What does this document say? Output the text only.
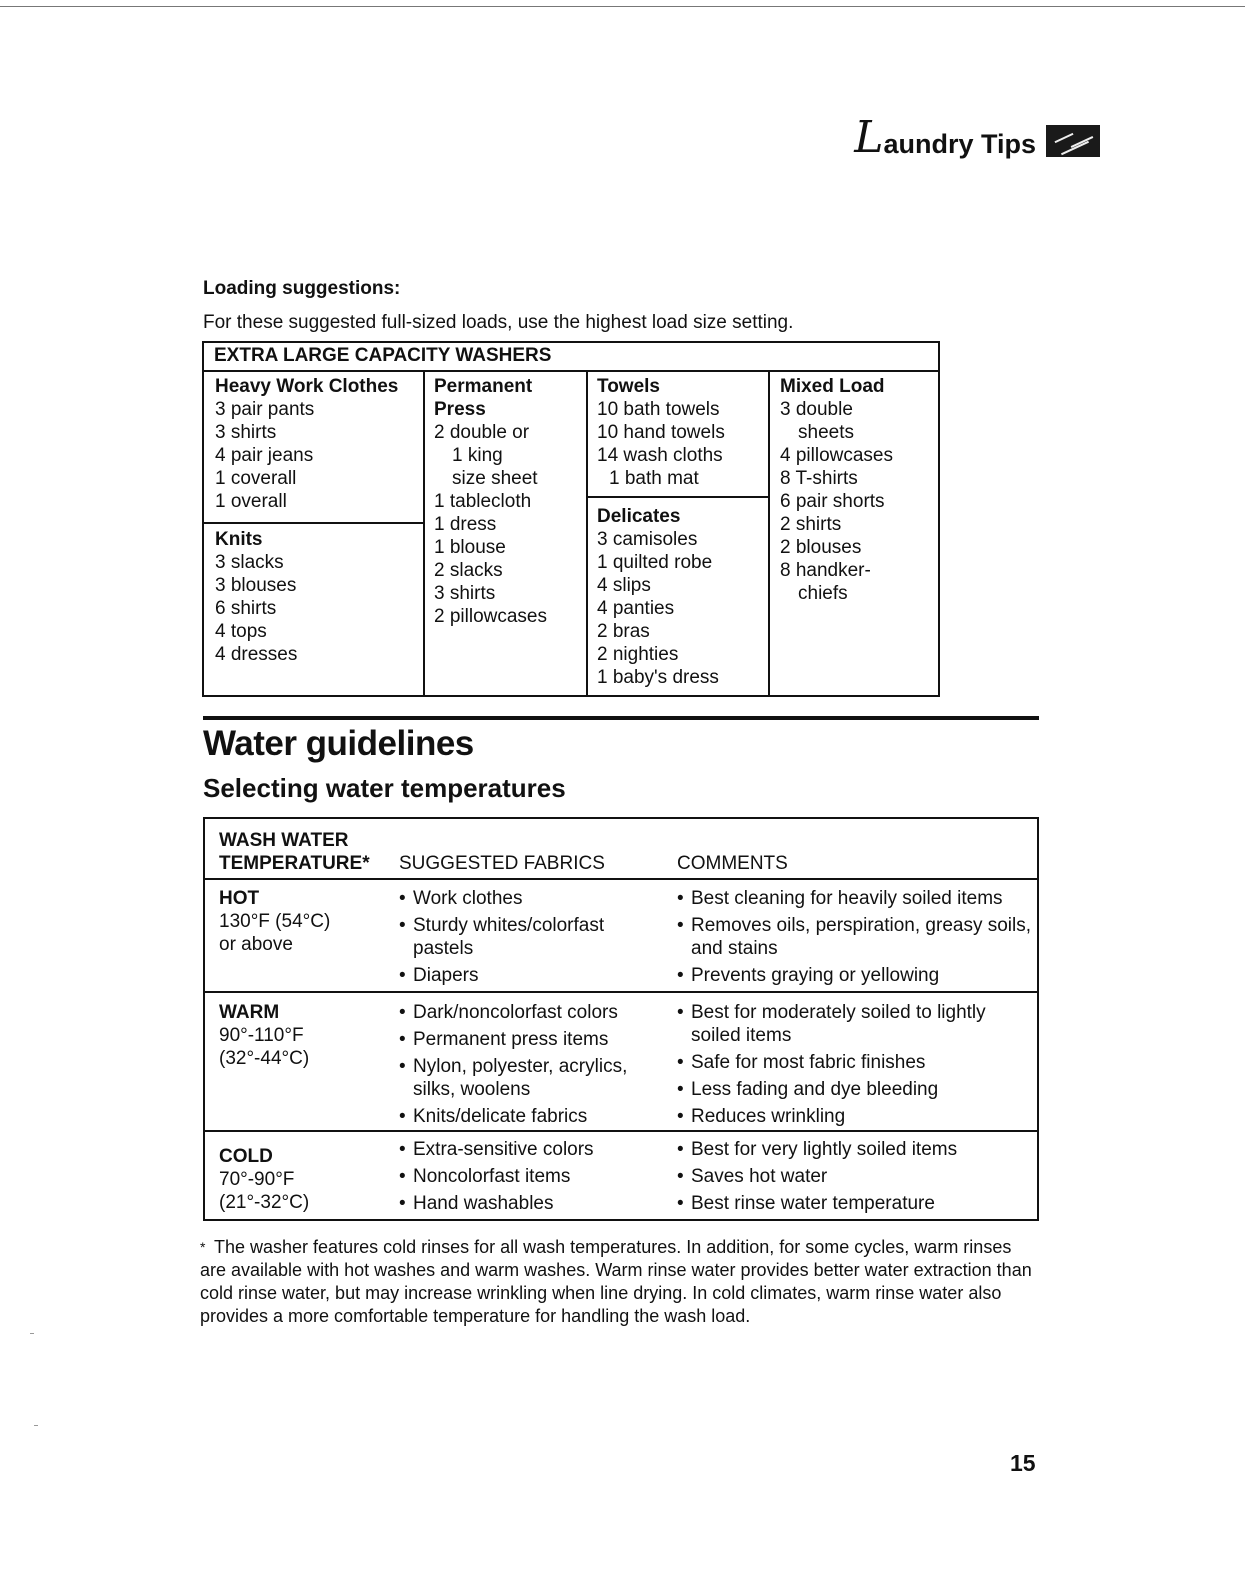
L aundry Tips
Loading suggestions:
For these suggested full-sized loads, use the highest load size setting.
EXTRA LARGE CAPACITY WASHERS
Heavy Work Clothes
3 pair pants
3 shirts
4 pair jeans
1 coverall
1 overall
Knits
3 slacks
3 blouses
6 shirts
4 tops
4 dresses
Permanent
Press
2 double or
1 king
size sheet
1 tablecloth
1 dress
1 blouse
2 slacks
3 shirts
2 pillowcases
Towels
10 bath towels
10 hand towels
14 wash cloths
1 bath mat
Delicates
3 camisoles
1 quilted robe
4 slips
4 panties
2 bras
2 nighties
1 baby's dress
Mixed Load
3 double
sheets
4 pillowcases
8 T-shirts
6 pair shorts
2 shirts
2 blouses
8 handker-
chiefs
Water guidelines
Selecting water temperatures
WASH WATER
TEMPERATURE* SUGGESTED FABRICS	COMMENTS
HOT
130°F (54°C)
or above
• Work clothes
• Sturdy whites/colorfast pastels
• Diapers
• Best cleaning for heavily soiled items
• Removes oils, perspiration, greasy soils, and stains
• Prevents graying or yellowing
WARM
90°-110°F
(32°-44°C)
• Dark/noncolorfast colors
• Permanent press items
• Nylon, polyester, acrylics, silks, woolens
• Knits/delicate fabrics
• Best for moderately soiled to lightly soiled items
• Safe for most fabric finishes
• Less fading and dye bleeding
• Reduces wrinkling
COLD
70°-90°F
(21°-32°C)
• Extra-sensitive colors
• Noncolorfast items
• Hand washables
• Best for very lightly soiled items
• Saves hot water
• Best rinse water temperature
* The washer features cold rinses for all wash temperatures. In addition, for some cycles, warm rinses are available with hot washes and warm washes. Warm rinse water provides better water extraction than cold rinse water, but may increase wrinkling when line drying. In cold climates, warm rinse water also provides a more comfortable temperature for handling the wash load.
15
